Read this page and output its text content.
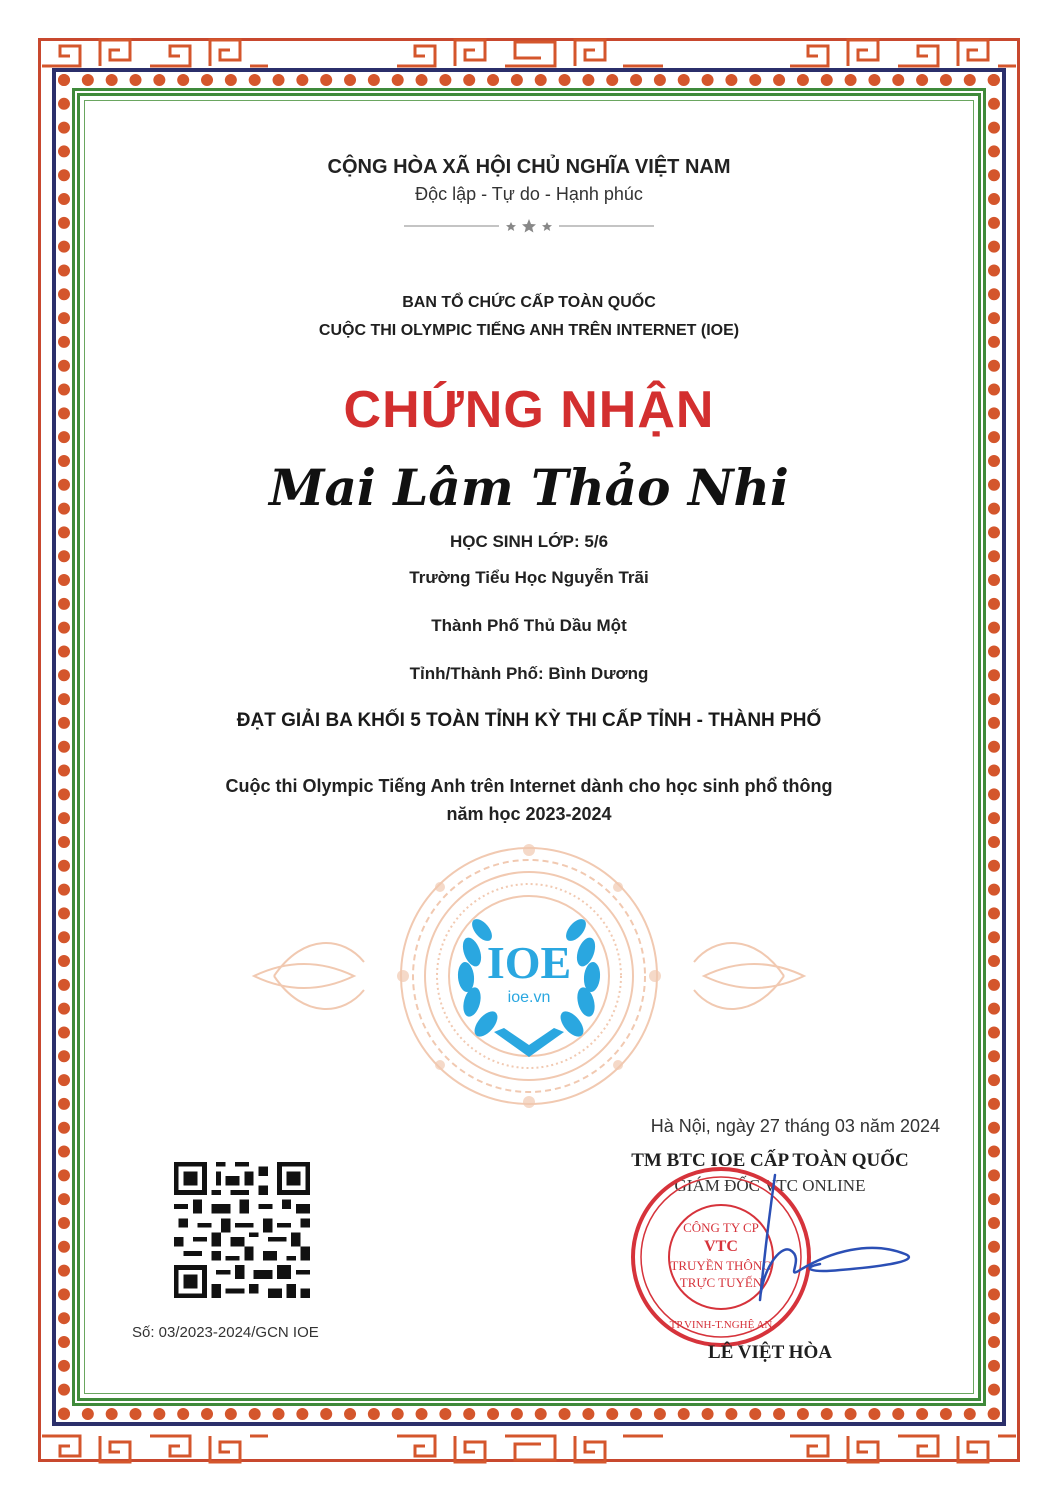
CỘNG HÒA XÃ HỘI CHỦ NGHĨA VIỆT NAM
Độc lập - Tự do - Hạnh phúc
BAN TỔ CHỨC CẤP TOÀN QUỐC
CUỘC THI OLYMPIC TIẾNG ANH TRÊN INTERNET (IOE)
CHỨNG NHẬN
Mai Lâm Thảo Nhi
HỌC SINH LỚP: 5/6
Trường Tiểu Học Nguyễn Trãi
Thành Phố Thủ Dầu Một
Tỉnh/Thành Phố: Bình Dương
ĐẠT GIẢI BA KHỐI 5 TOÀN TỈNH KỲ THI CẤP TỈNH - THÀNH PHỐ
Cuộc thi Olympic Tiếng Anh trên Internet dành cho học sinh phổ thông
năm học 2023-2024
IOE
ioe.vn
Hà Nội, ngày 27 tháng 03 năm 2024
TM BTC IOE CẤP TOÀN QUỐC
GIÁM ĐỐC VTC ONLINE
CÔNG TY CP
VTC
TRUYỀN THÔNG
TRỰC TUYẾN
TP.VINH-T.NGHỆ AN
LÊ VIỆT HÒA
Số: 03/2023-2024/GCN IOE
